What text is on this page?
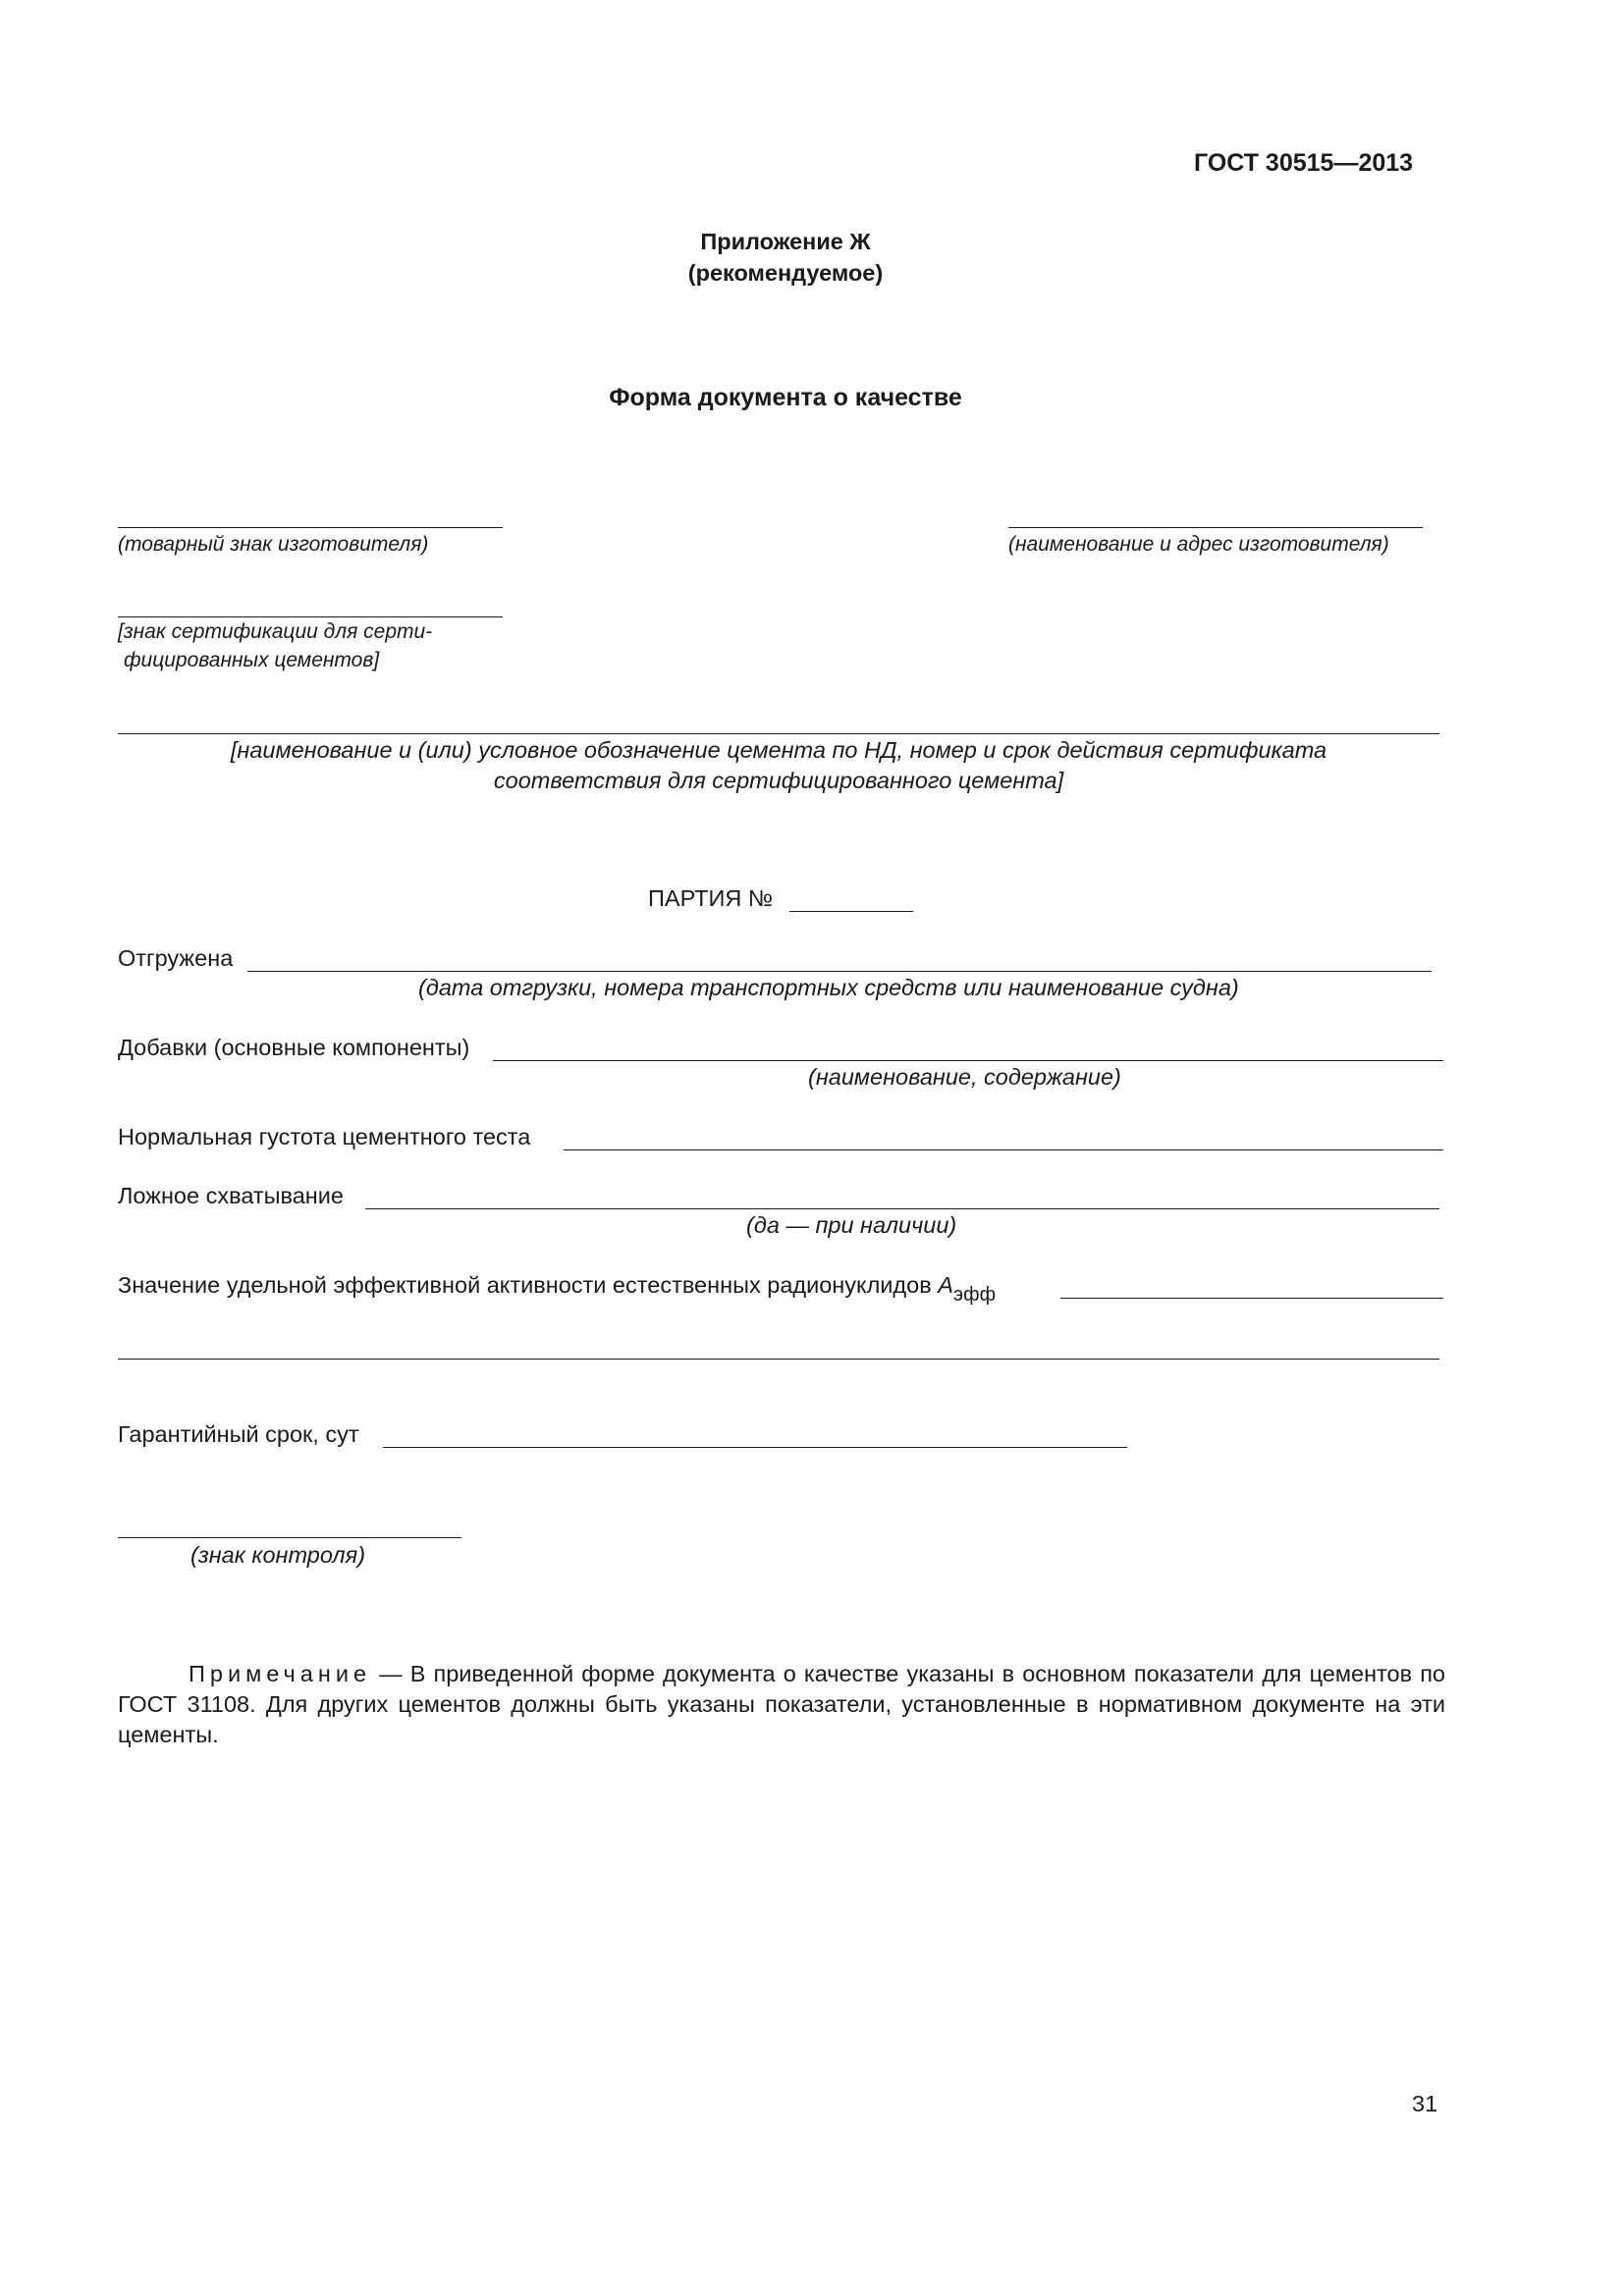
ГОСТ 30515—2013
Приложение Ж
(рекомендуемое)
Форма документа о качестве
(товарный знак изготовителя)	(наименование и адрес изготовителя)
[знак сертификации для серти-
фицированных цементов]
[наименование и (или) условное обозначение цемента по НД, номер и срок действия сертификата
соответствия для сертифицированного цемента]
ПАРТИЯ №
Отгружена
(дата отгрузки, номера транспортных средств или наименование судна)
Добавки (основные компоненты)
(наименование, содержание)
Нормальная густота цементного теста
Ложное схватывание
(да — при наличии)
Значение удельной эффективной активности естественных радионуклидов Aэфф
Гарантийный срок, сут
(знак контроля)
Примечание — В приведенной форме документа о качестве указаны в основном показатели для цементов по ГОСТ 31108. Для других цементов должны быть указаны показатели, установленные в нормативном документе на эти цементы.
31
